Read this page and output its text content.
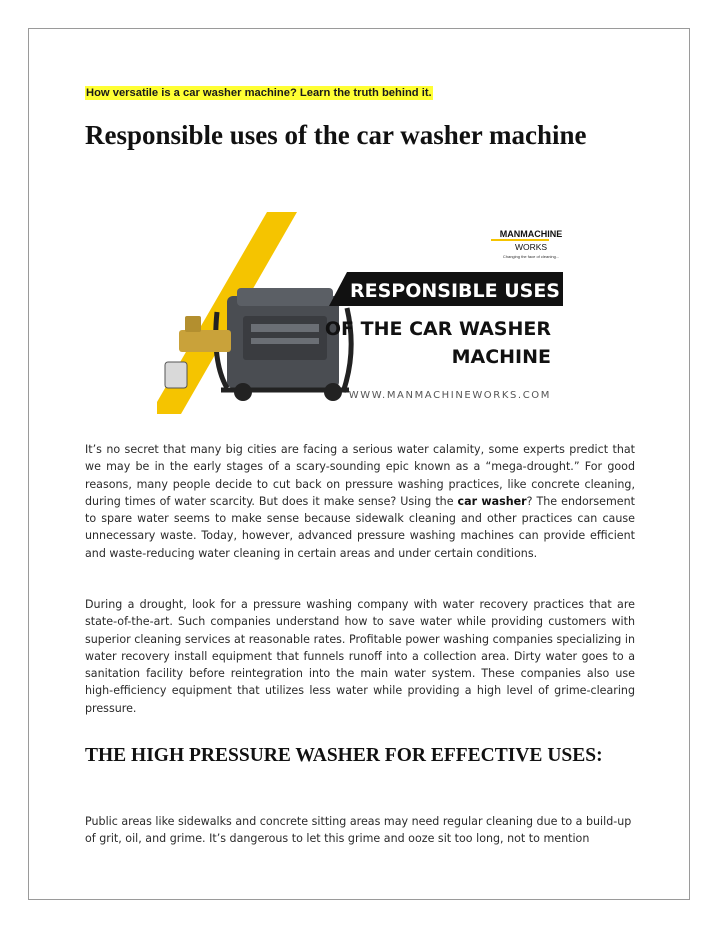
How versatile is a car washer machine? Learn the truth behind it.
Responsible uses of the car washer machine
MANMACHINE
WORKS
Changing the face of cleaning...
RESPONSIBLE USES
OF THE CAR WASHER
MACHINE
WWW.MANMACHINEWORKS.COM

It’s no secret that many big cities are facing a serious water calamity, some experts predict that we may be in the early stages of a scary-sounding epic known as a “mega-drought.” For good reasons, many people decide to cut back on pressure washing practices, like concrete cleaning, during times of water scarcity. But does it make sense? Using the car washer? The endorsement to spare water seems to make sense because sidewalk cleaning and other practices can cause unnecessary waste. Today, however, advanced pressure washing machines can provide efficient and waste-reducing water cleaning in certain areas and under certain conditions.

During a drought, look for a pressure washing company with water recovery practices that are state-of-the-art. Such companies understand how to save water while providing customers with superior cleaning services at reasonable rates. Profitable power washing companies specializing in water recovery install equipment that funnels runoff into a collection area. Dirty water goes to a sanitation facility before reintegration into the main water system. These companies also use high-efficiency equipment that utilizes less water while providing a high level of grime-clearing pressure.

THE HIGH PRESSURE WASHER FOR EFFECTIVE USES:

Public areas like sidewalks and concrete sitting areas may need regular cleaning due to a build-up of grit, oil, and grime. It’s dangerous to let this grime and ooze sit too long, not to mention
